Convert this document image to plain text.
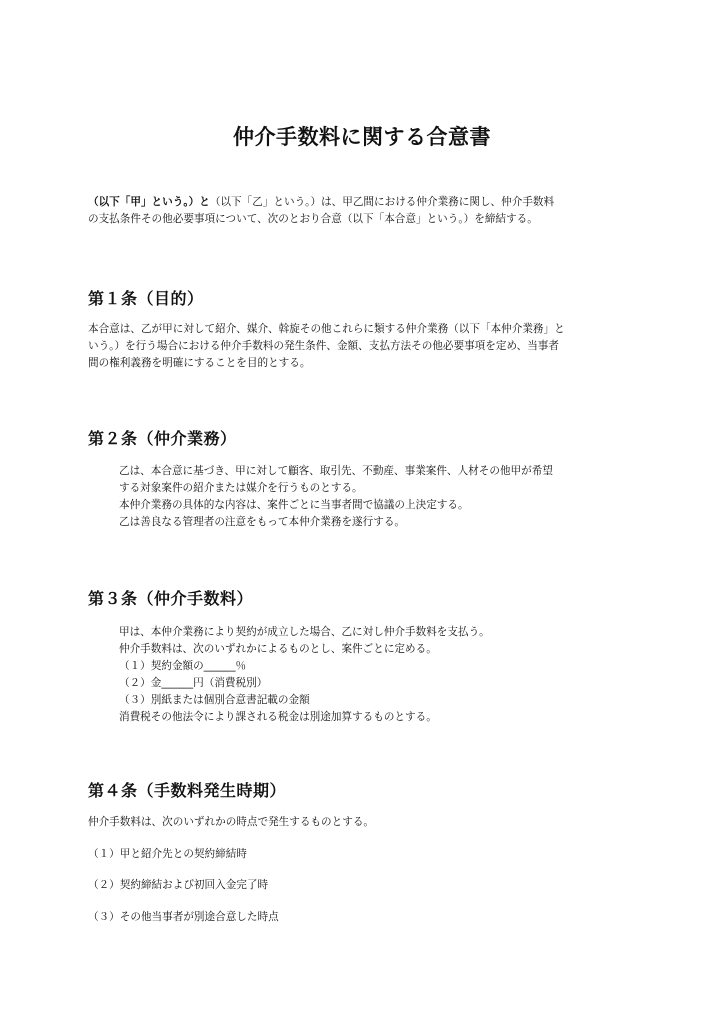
仲介手数料に関する合意書
（以下「甲」という。）と（以下「乙」という。）は、甲乙間における仲介業務に関し、仲介手数料
の支払条件その他必要事項について、次のとおり合意（以下「本合意」という。）を締結する。
第１条（目的）
本合意は、乙が甲に対して紹介、媒介、斡旋その他これらに類する仲介業務（以下「本仲介業務」と
いう。）を行う場合における仲介手数料の発生条件、金額、支払方法その他必要事項を定め、当事者
間の権利義務を明確にすることを目的とする。
第２条（仲介業務）
乙は、本合意に基づき、甲に対して顧客、取引先、不動産、事業案件、人材その他甲が希望
する対象案件の紹介または媒介を行うものとする。
本仲介業務の具体的な内容は、案件ごとに当事者間で協議の上決定する。
乙は善良なる管理者の注意をもって本仲介業務を遂行する。
第３条（仲介手数料）
甲は、本仲介業務により契約が成立した場合、乙に対し仲介手数料を支払う。
仲介手数料は、次のいずれかによるものとし、案件ごとに定める。
（１）契約金額の______％
（２）金______円（消費税別）
（３）別紙または個別合意書記載の金額
消費税その他法令により課される税金は別途加算するものとする。
第４条（手数料発生時期）
仲介手数料は、次のいずれかの時点で発生するものとする。
（１）甲と紹介先との契約締結時
（２）契約締結および初回入金完了時
（３）その他当事者が別途合意した時点
